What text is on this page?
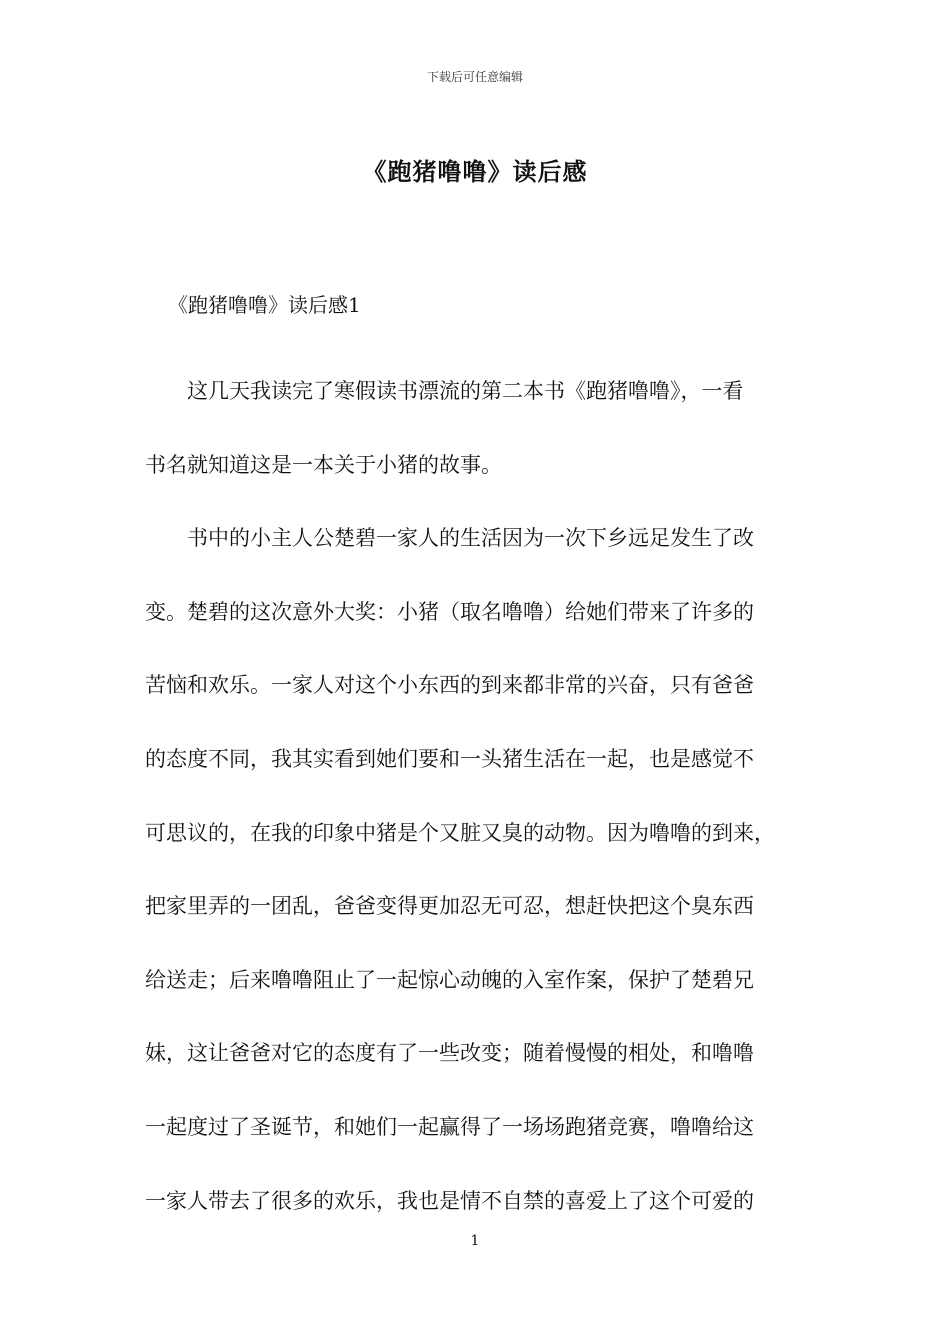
下载后可任意编辑
《跑猪噜噜》读后感
《跑猪噜噜》读后感1
这几天我读完了寒假读书漂流的第二本书《跑猪噜噜》，一看
书名就知道这是一本关于小猪的故事。
书中的小主人公楚碧一家人的生活因为一次下乡远足发生了改
变。楚碧的这次意外大奖：小猪（取名噜噜）给她们带来了许多的
苦恼和欢乐。一家人对这个小东西的到来都非常的兴奋，只有爸爸
的态度不同，我其实看到她们要和一头猪生活在一起，也是感觉不
可思议的，在我的印象中猪是个又脏又臭的动物。因为噜噜的到来，
把家里弄的一团乱，爸爸变得更加忍无可忍，想赶快把这个臭东西
给送走；后来噜噜阻止了一起惊心动魄的入室作案，保护了楚碧兄
妹，这让爸爸对它的态度有了一些改变；随着慢慢的相处，和噜噜
一起度过了圣诞节，和她们一起赢得了一场场跑猪竞赛，噜噜给这
一家人带去了很多的欢乐，我也是情不自禁的喜爱上了这个可爱的
1
